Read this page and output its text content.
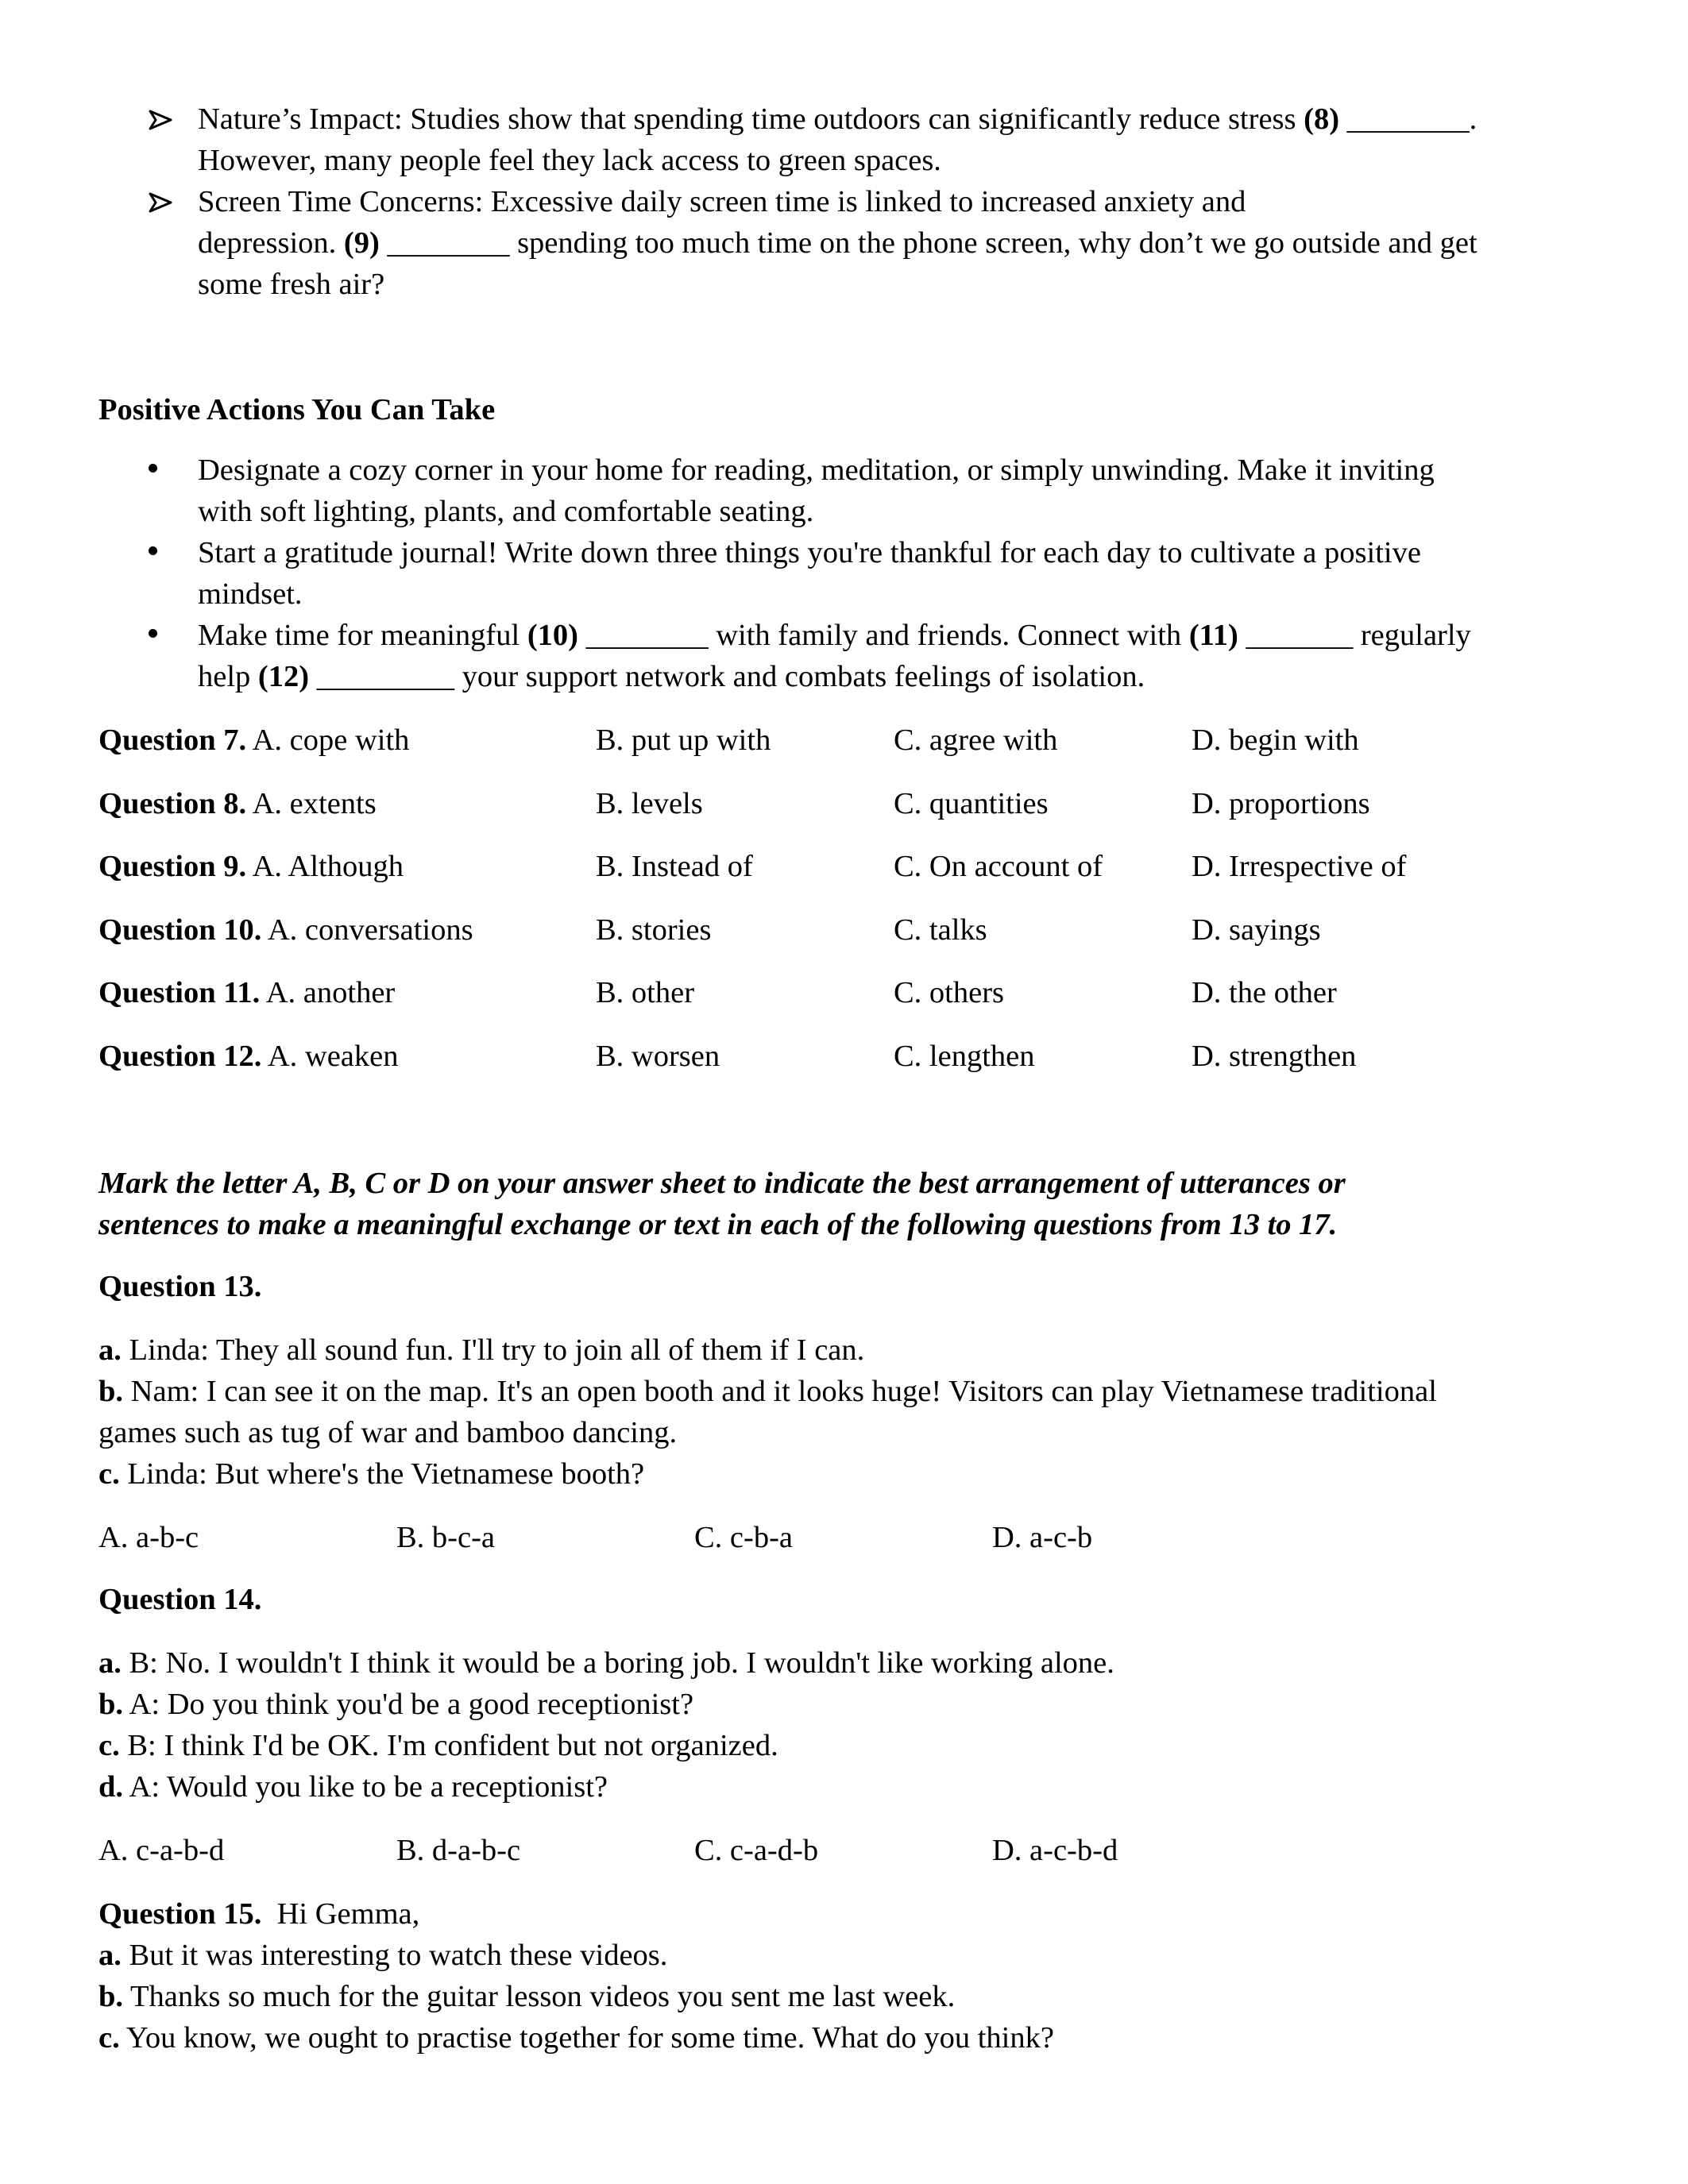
Nature’s Impact: Studies show that spending time outdoors can significantly reduce stress (8) ________.
However, many people feel they lack access to green spaces.
Screen Time Concerns: Excessive daily screen time is linked to increased anxiety and
depression. (9) ________ spending too much time on the phone screen, why don’t we go outside and get
some fresh air?
Positive Actions You Can Take
Designate a cozy corner in your home for reading, meditation, or simply unwinding. Make it inviting
with soft lighting, plants, and comfortable seating.
Start a gratitude journal! Write down three things you're thankful for each day to cultivate a positive
mindset.
Make time for meaningful (10) ________ with family and friends. Connect with (11) _______ regularly
help (12) _________ your support network and combats feelings of isolation.
Question 7. A. cope with	B. put up with	C. agree with	D. begin with
Question 8. A. extents	B. levels	C. quantities	D. proportions
Question 9. A. Although	B. Instead of	C. On account of	D. Irrespective of
Question 10. A. conversations	B. stories	C. talks	D. sayings
Question 11. A. another	B. other	C. others	D. the other
Question 12. A. weaken	B. worsen	C. lengthen	D. strengthen
Mark the letter A, B, C or D on your answer sheet to indicate the best arrangement of utterances or
sentences to make a meaningful exchange or text in each of the following questions from 13 to 17.
Question 13.
a. Linda: They all sound fun. I'll try to join all of them if I can.
b. Nam: I can see it on the map. It's an open booth and it looks huge! Visitors can play Vietnamese traditional
games such as tug of war and bamboo dancing.
c. Linda: But where's the Vietnamese booth?
A. a-b-c	B. b-c-a	C. c-b-a	D. a-c-b
Question 14.
a. B: No. I wouldn't I think it would be a boring job. I wouldn't like working alone.
b. A: Do you think you'd be a good receptionist?
c. B: I think I'd be OK. I'm confident but not organized.
d. A: Would you like to be a receptionist?
A. c-a-b-d	B. d-a-b-c	C. c-a-d-b	D. a-c-b-d
Question 15.  Hi Gemma,
a. But it was interesting to watch these videos.
b. Thanks so much for the guitar lesson videos you sent me last week.
c. You know, we ought to practise together for some time. What do you think?
